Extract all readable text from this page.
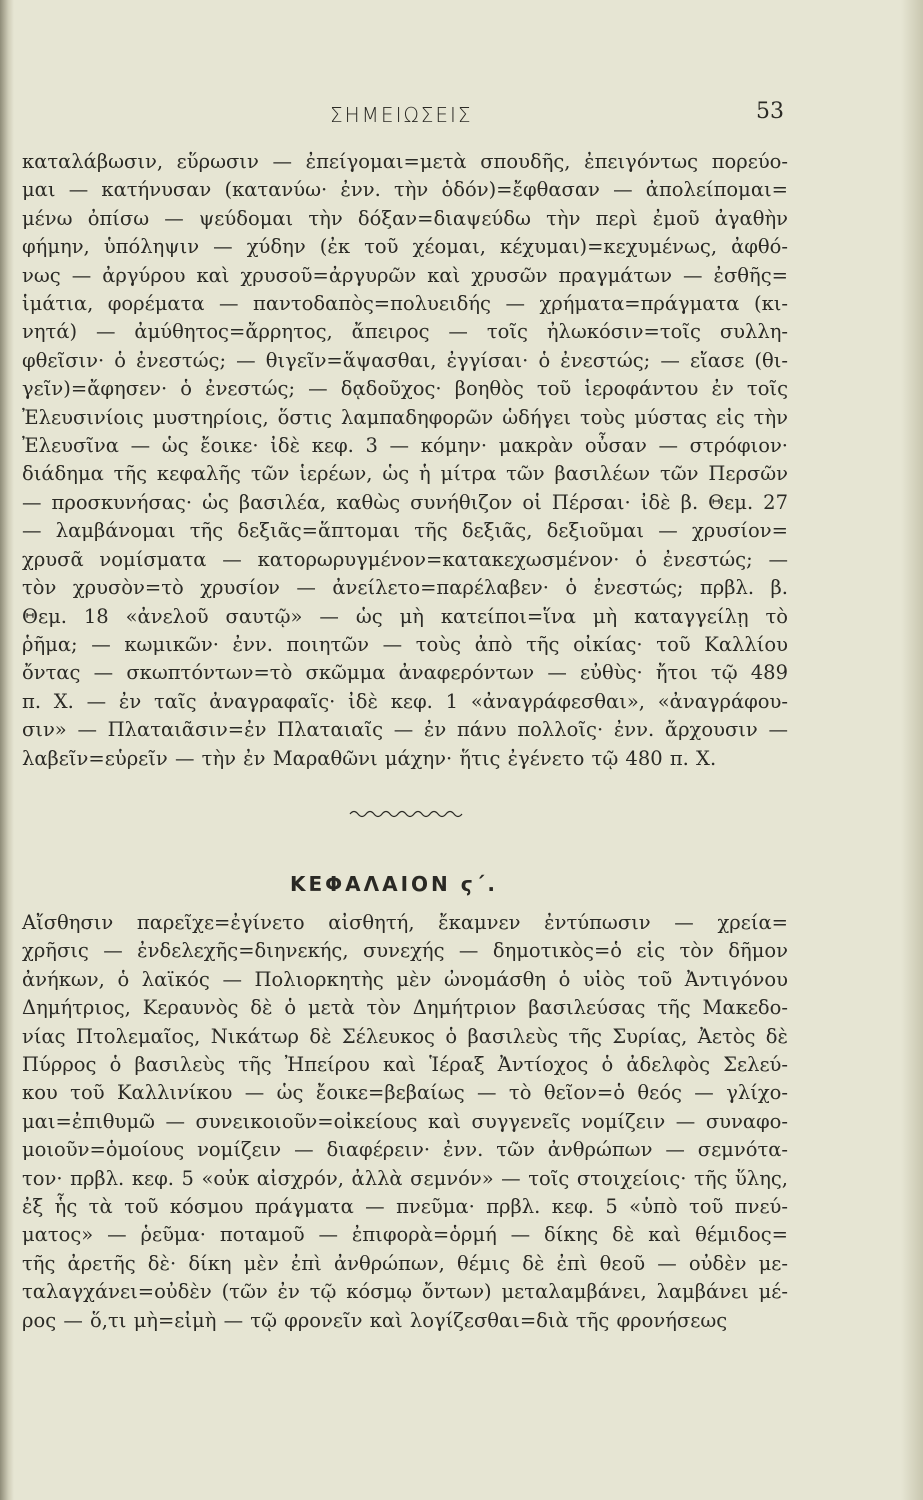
ΣΗΜΕΙΩΣΕΙΣ	53
καταλάβωσιν, εὕρωσιν — ἐπείγομαι=μετὰ σπουδῆς, ἐπειγόντως πορεύο-
μαι — κατήνυσαν (κατανύω· ἐνν. τὴν ὁδόν)=ἔφθασαν — ἀπολείπομαι=
μένω ὀπίσω — ψεύδομαι τὴν δόξαν=διαψεύδω τὴν περὶ ἐμοῦ ἀγαθὴν
φήμην, ὑπόληψιν — χύδην (ἐκ τοῦ χέομαι, κέχυμαι)=κεχυμένως, ἀφθό-
νως — ἀργύρου καὶ χρυσοῦ=ἀργυρῶν καὶ χρυσῶν πραγμάτων — ἐσθῆς=
ἱμάτια, φορέματα — παντοδαπὸς=πολυειδής — χρήματα=πράγματα (κι-
νητά) — ἀμύθητος=ἄρρητος, ἄπειρος — τοῖς ἠλωκόσιν=τοῖς συλλη-
φθεῖσιν· ὁ ἐνεστώς; — θιγεῖν=ἅψασθαι, ἐγγίσαι· ὁ ἐνεστώς; — εἴασε (θι-
γεῖν)=ἄφησεν· ὁ ἐνεστώς; — δᾳδοῦχος· βοηθὸς τοῦ ἱεροφάντου ἐν τοῖς
Ἐλευσινίοις μυστηρίοις, ὅστις λαμπαδηφορῶν ὡδήγει τοὺς μύστας εἰς τὴν
Ἐλευσῖνα — ὡς ἔοικε· ἰδὲ κεφ. 3 — κόμην· μακρὰν οὖσαν — στρόφιον·
διάδημα τῆς κεφαλῆς τῶν ἱερέων, ὡς ἡ μίτρα τῶν βασιλέων τῶν Περσῶν
— προσκυνήσας· ὡς βασιλέα, καθὼς συνήθιζον οἱ Πέρσαι· ἰδὲ β. Θεμ. 27
— λαμβάνομαι τῆς δεξιᾶς=ἅπτομαι τῆς δεξιᾶς, δεξιοῦμαι — χρυσίον=
χρυσᾶ νομίσματα — κατορωρυγμένον=κατακεχωσμένον· ὁ ἐνεστώς; —
τὸν χρυσὸν=τὸ χρυσίον — ἀνείλετο=παρέλαβεν· ὁ ἐνεστώς; πρβλ. β.
Θεμ. 18 «ἀνελοῦ σαυτῷ» — ὡς μὴ κατείποι=ἵνα μὴ καταγγείλῃ τὸ
ῥῆμα; — κωμικῶν· ἐνν. ποιητῶν — τοὺς ἀπὸ τῆς οἰκίας· τοῦ Καλλίου
ὄντας — σκωπτόντων=τὸ σκῶμμα ἀναφερόντων — εὐθὺς· ἤτοι τῷ 489
π. Χ. — ἐν ταῖς ἀναγραφαῖς· ἰδὲ κεφ. 1 «ἀναγράφεσθαι», «ἀναγράφου-
σιν» — Πλαταιᾶσιν=ἐν Πλαταιαῖς — ἐν πάνυ πολλοῖς· ἐνν. ἄρχουσιν —
λαβεῖν=εὑρεῖν — τὴν ἐν Μαραθῶνι μάχην· ἥτις ἐγένετο τῷ 480 π. Χ.
ΚΕΦΑΛΑΙΟΝ ϛ΄.
Αἴσθησιν παρεῖχε=ἐγίνετο αἰσθητή, ἔκαμνεν ἐντύπωσιν — χρεία=
χρῆσις — ἐνδελεχῆς=διηνεκής, συνεχής — δημοτικὸς=ὁ εἰς τὸν δῆμον
ἀνήκων, ὁ λαϊκός — Πολιορκητὴς μὲν ὠνομάσθη ὁ υἱὸς τοῦ Ἀντιγόνου
Δημήτριος, Κεραυνὸς δὲ ὁ μετὰ τὸν Δημήτριον βασιλεύσας τῆς Μακεδο-
νίας Πτολεμαῖος, Νικάτωρ δὲ Σέλευκος ὁ βασιλεὺς τῆς Συρίας, Ἀετὸς δὲ
Πύρρος ὁ βασιλεὺς τῆς Ἠπείρου καὶ Ἱέραξ Ἀντίοχος ὁ ἀδελφὸς Σελεύ-
κου τοῦ Καλλινίκου — ὡς ἔοικε=βεβαίως — τὸ θεῖον=ὁ θεός — γλίχο-
μαι=ἐπιθυμῶ — συνεικοιοῦν=οἰκείους καὶ συγγενεῖς νομίζειν — συναφο-
μοιοῦν=ὁμοίους νομίζειν — διαφέρειν· ἐνν. τῶν ἀνθρώπων — σεμνότα-
τον· πρβλ. κεφ. 5 «οὐκ αἰσχρόν, ἀλλὰ σεμνόν» — τοῖς στοιχείοις· τῆς ὕλης,
ἐξ ἧς τὰ τοῦ κόσμου πράγματα — πνεῦμα· πρβλ. κεφ. 5 «ὑπὸ τοῦ πνεύ-
ματος» — ῥεῦμα· ποταμοῦ — ἐπιφορὰ=ὁρμή — δίκης δὲ καὶ θέμιδος=
τῆς ἀρετῆς δὲ· δίκη μὲν ἐπὶ ἀνθρώπων, θέμις δὲ ἐπὶ θεοῦ — οὐδὲν με-
ταλαγχάνει=οὐδὲν (τῶν ἐν τῷ κόσμῳ ὄντων) μεταλαμβάνει, λαμβάνει μέ-
ρος — ὅ,τι μὴ=εἰμὴ — τῷ φρονεῖν καὶ λογίζεσθαι=διὰ τῆς φρονήσεως
